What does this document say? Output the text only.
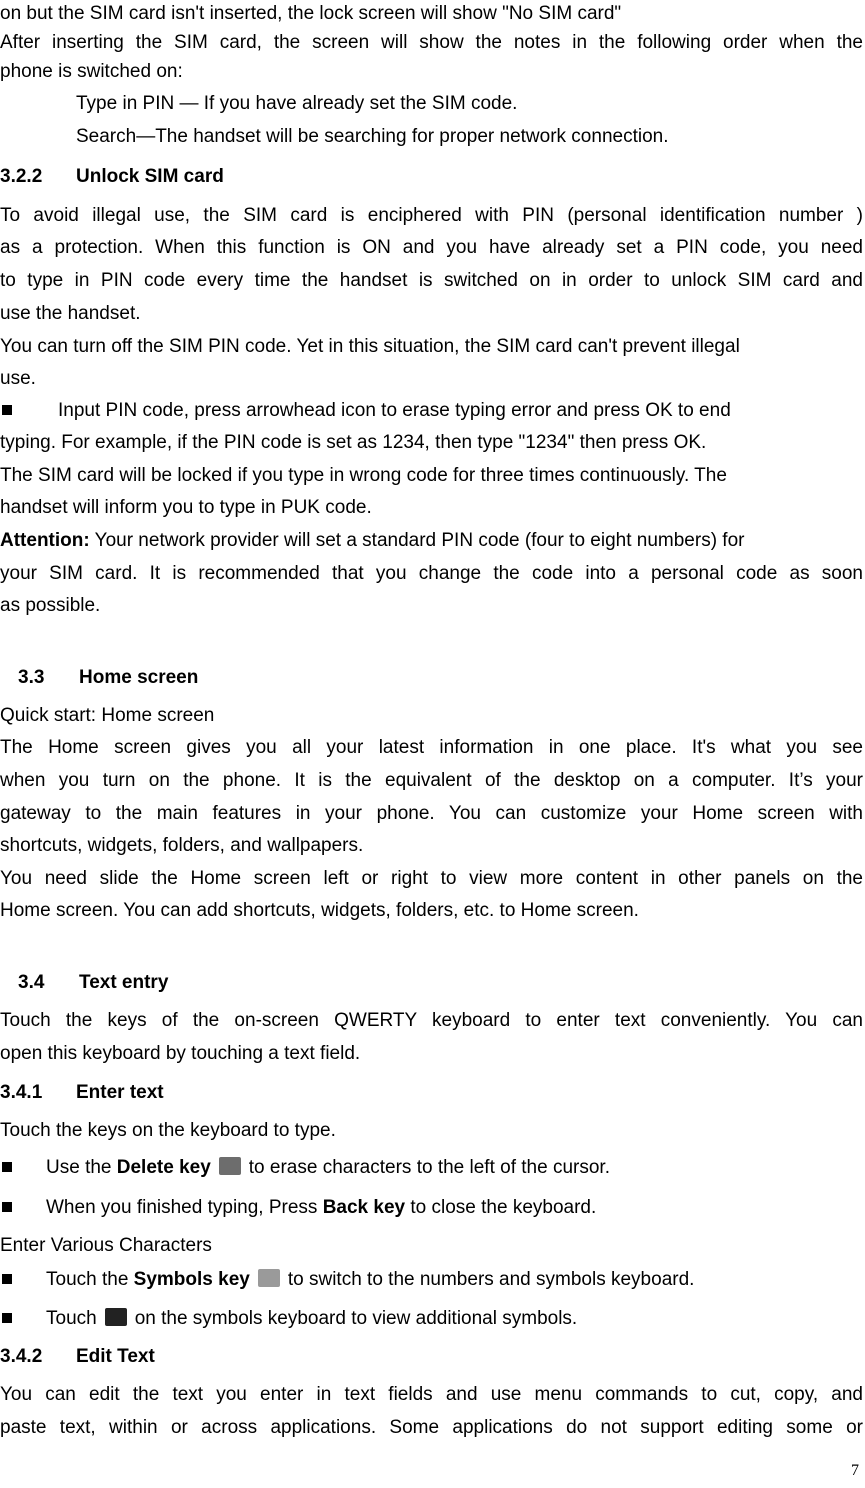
on but the SIM card isn't inserted, the lock screen will show "No SIM card"
After inserting the SIM card, the screen will show the notes in the following order when the
phone is switched on:
Type in PIN — If you have already set the SIM code.
Search—The handset will be searching for proper network connection.
3.2.2 Unlock SIM card
To avoid illegal use, the SIM card is enciphered with PIN (personal identification number )
as a protection. When this function is ON and you have already set a PIN code, you need
to type in PIN code every time the handset is switched on in order to unlock SIM card and
use the handset.
You can turn off the SIM PIN code. Yet in this situation, the SIM card can't prevent illegal
use.
Input PIN code, press arrowhead icon to erase typing error and press OK to end
typing. For example, if the PIN code is set as 1234, then type "1234" then press OK.
The SIM card will be locked if you type in wrong code for three times continuously. The
handset will inform you to type in PUK code.
Attention: Your network provider will set a standard PIN code (four to eight numbers) for
your SIM card. It is recommended that you change the code into a personal code as soon
as possible.
3.3 Home screen
Quick start: Home screen
The Home screen gives you all your latest information in one place. It's what you see
when you turn on the phone. It is the equivalent of the desktop on a computer. It’s your
gateway to the main features in your phone. You can customize your Home screen with
shortcuts, widgets, folders, and wallpapers.
You need slide the Home screen left or right to view more content in other panels on the
Home screen. You can add shortcuts, widgets, folders, etc. to Home screen.
3.4 Text entry
Touch the keys of the on-screen QWERTY keyboard to enter text conveniently. You can
open this keyboard by touching a text field.
3.4.1 Enter text
Touch the keys on the keyboard to type.
Use the Delete key to erase characters to the left of the cursor.
When you finished typing, Press Back key to close the keyboard.
Enter Various Characters
Touch the Symbols key to switch to the numbers and symbols keyboard.
Touch on the symbols keyboard to view additional symbols.
3.4.2 Edit Text
You can edit the text you enter in text fields and use menu commands to cut, copy, and
paste text, within or across applications. Some applications do not support editing some or
7
